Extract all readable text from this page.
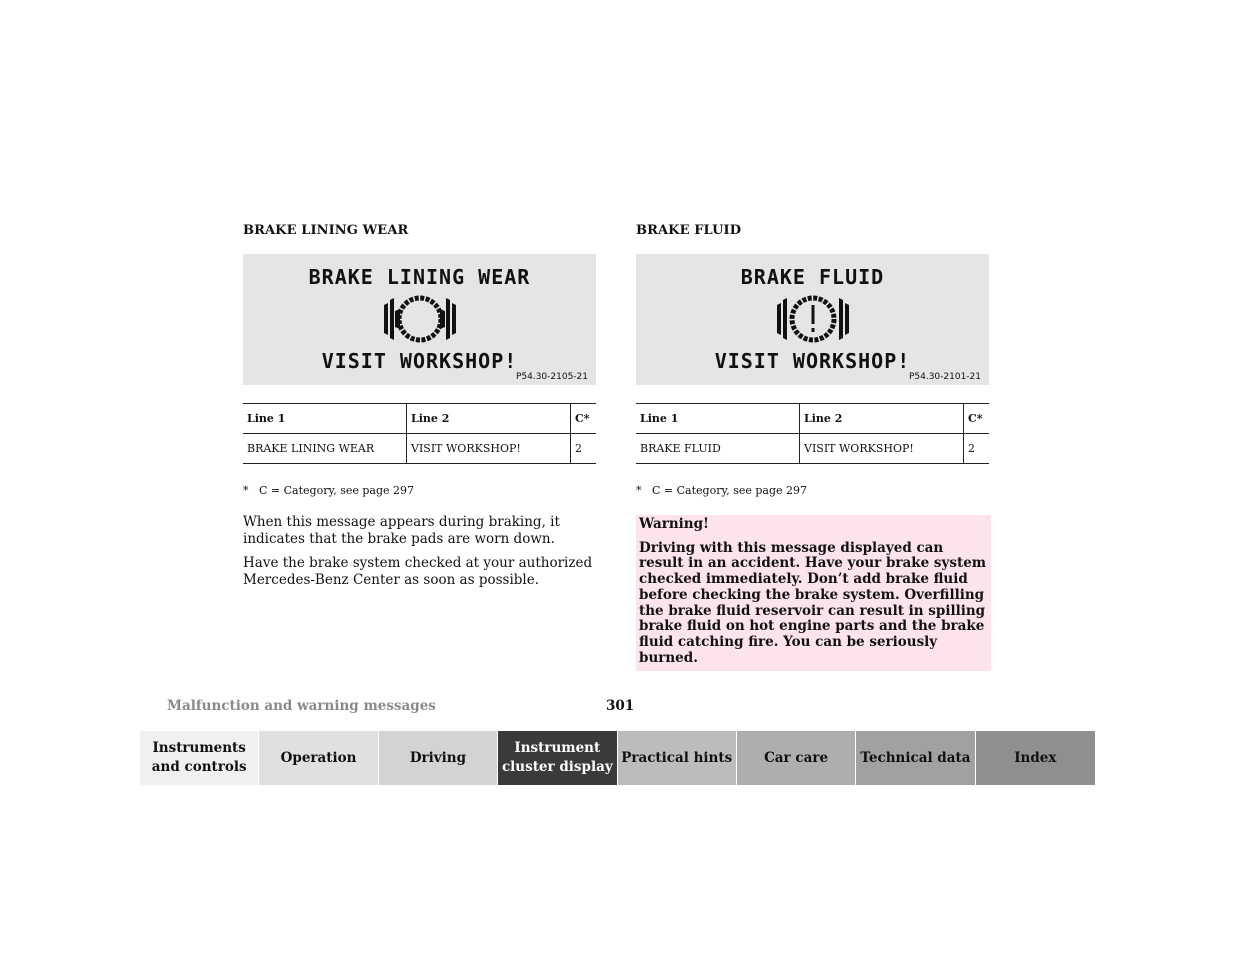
BRAKE LINING WEAR
BRAKE LINING WEAR
VISIT WORKSHOP!
P54.30-2105-21
Line 1	Line 2	C*
BRAKE LINING WEAR	VISIT WORKSHOP!	2
* C = Category, see page 297

When this message appears during braking, it indicates that the brake pads are worn down.

Have the brake system checked at your authorized Mercedes-Benz Center as soon as possible.

BRAKE FLUID
BRAKE FLUID
VISIT WORKSHOP!
P54.30-2101-21
Line 1	Line 2	C*
BRAKE FLUID	VISIT WORKSHOP!	2
* C = Category, see page 297
Warning!
Driving with this message displayed can result in an accident. Have your brake system checked immediately. Don’t add brake fluid before checking the brake system. Overfilling the brake fluid reservoir can result in spilling brake fluid on hot engine parts and the brake fluid catching fire. You can be seriously burned.
Malfunction and warning messages	301
Instruments and controls
Operation	Driving
Instrument cluster display
Practical hints	Car care	Technical data	Index
